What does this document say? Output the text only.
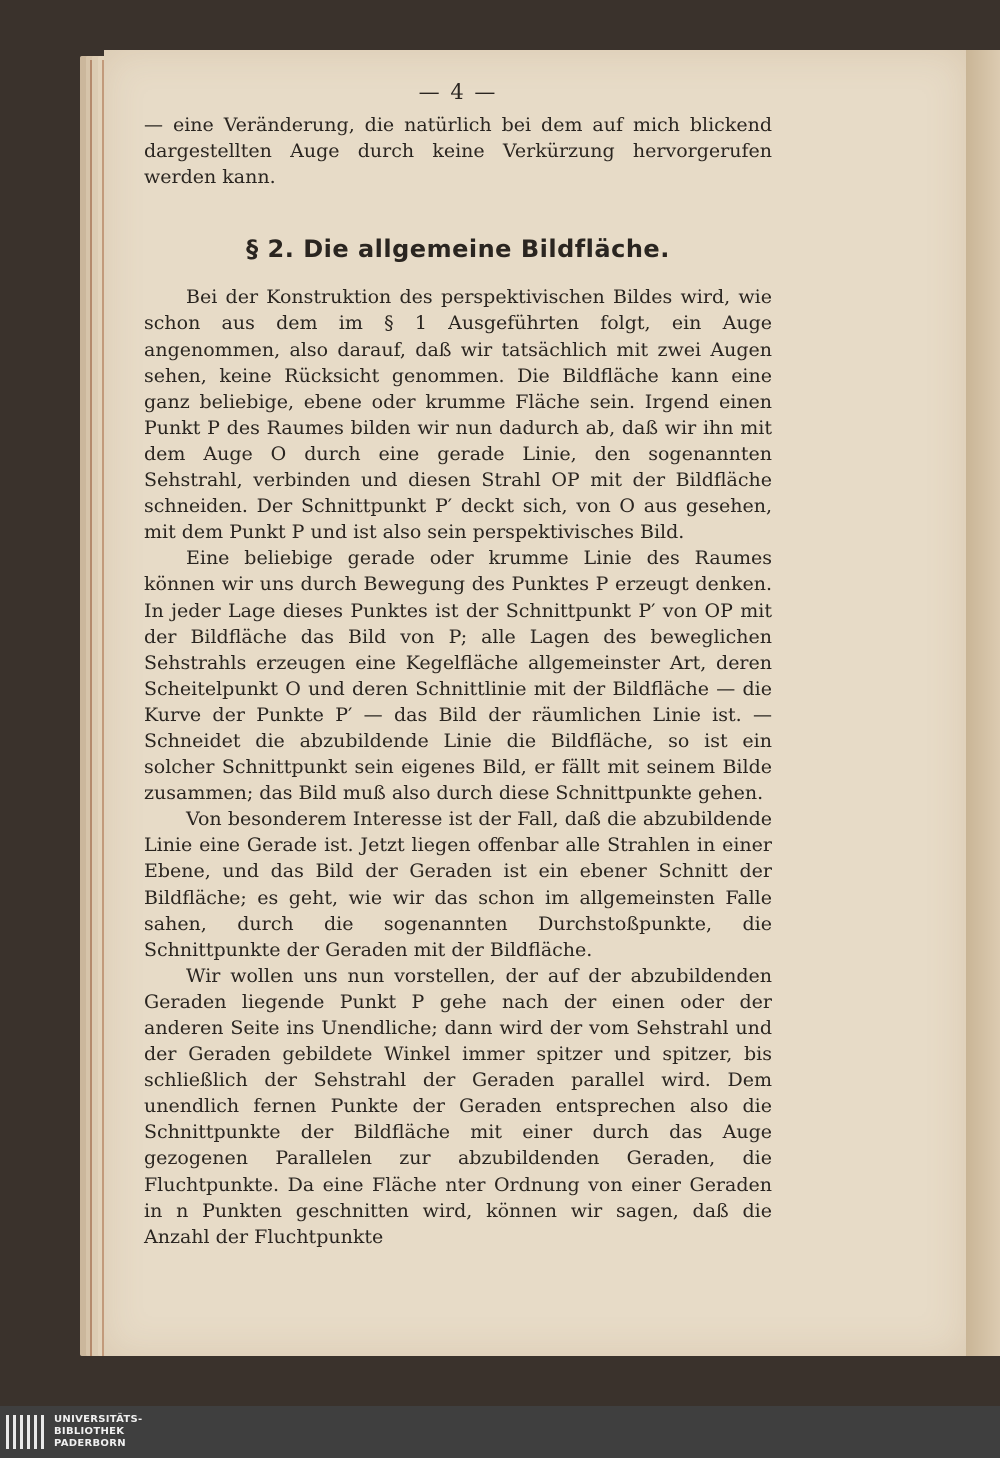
— 4 —

— eine Veränderung, die natürlich bei dem auf mich blickend dargestellten Auge durch keine Verkürzung hervorgerufen werden kann.

§ 2. Die allgemeine Bildfläche.

Bei der Konstruktion des perspektivischen Bildes wird, wie schon aus dem im § 1 Ausgeführten folgt, ein Auge angenommen, also darauf, daß wir tatsächlich mit zwei Augen sehen, keine Rücksicht genommen. Die Bildfläche kann eine ganz beliebige, ebene oder krumme Fläche sein. Irgend einen Punkt P des Raumes bilden wir nun dadurch ab, daß wir ihn mit dem Auge O durch eine gerade Linie, den sogenannten Sehstrahl, verbinden und diesen Strahl OP mit der Bildfläche schneiden. Der Schnittpunkt P′ deckt sich, von O aus gesehen, mit dem Punkt P und ist also sein perspektivisches Bild.

Eine beliebige gerade oder krumme Linie des Raumes können wir uns durch Bewegung des Punktes P erzeugt denken. In jeder Lage dieses Punktes ist der Schnittpunkt P′ von OP mit der Bildfläche das Bild von P; alle Lagen des beweglichen Sehstrahls erzeugen eine Kegelfläche allgemeinster Art, deren Scheitelpunkt O und deren Schnittlinie mit der Bildfläche — die Kurve der Punkte P′ — das Bild der räumlichen Linie ist. — Schneidet die abzubildende Linie die Bildfläche, so ist ein solcher Schnittpunkt sein eigenes Bild, er fällt mit seinem Bilde zusammen; das Bild muß also durch diese Schnittpunkte gehen.

Von besonderem Interesse ist der Fall, daß die abzubildende Linie eine Gerade ist. Jetzt liegen offenbar alle Strahlen in einer Ebene, und das Bild der Geraden ist ein ebener Schnitt der Bildfläche; es geht, wie wir das schon im allgemeinsten Falle sahen, durch die sogenannten Durchstoßpunkte, die Schnittpunkte der Geraden mit der Bildfläche.

Wir wollen uns nun vorstellen, der auf der abzubildenden Geraden liegende Punkt P gehe nach der einen oder der anderen Seite ins Unendliche; dann wird der vom Sehstrahl und der Geraden gebildete Winkel immer spitzer und spitzer, bis schließlich der Sehstrahl der Geraden parallel wird. Dem unendlich fernen Punkte der Geraden entsprechen also die Schnittpunkte der Bildfläche mit einer durch das Auge gezogenen Parallelen zur abzubildenden Geraden, die Fluchtpunkte. Da eine Fläche nter Ordnung von einer Geraden in n Punkten geschnitten wird, können wir sagen, daß die Anzahl der Fluchtpunkte

UNIVERSITÄTS-
BIBLIOTHEK
PADERBORN
